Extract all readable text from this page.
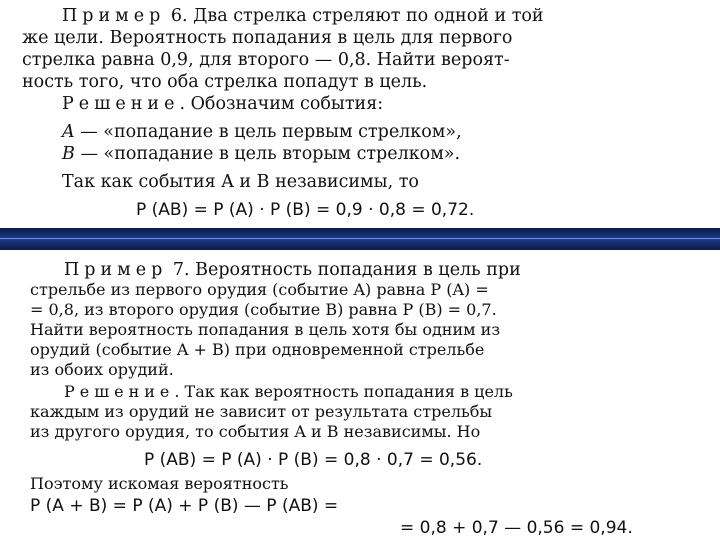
Пример 6. Два стрелка стреляют по одной и той
же цели. Вероятность попадания в цель для первого
стрелка равна 0,9, для второго — 0,8. Найти вероят-
ность того, что оба стрелка попадут в цель.
Решение. Обозначим события:
A — «попадание в цель первым стрелком»,
B — «попадание в цель вторым стрелком».
Так как события A и B независимы, то
P (AB) = P (A) · P (B) = 0,9 · 0,8 = 0,72.
Пример 7. Вероятность попадания в цель при
стрельбе из первого орудия (событие A) равна P (A) =
= 0,8, из второго орудия (событие B) равна P (B) = 0,7.
Найти вероятность попадания в цель хотя бы одним из
орудий (событие A + B) при одновременной стрельбе
из обоих орудий.
Решение. Так как вероятность попадания в цель
каждым из орудий не зависит от результата стрельбы
из другого орудия, то события A и B независимы. Но
P (AB) = P (A) · P (B) = 0,8 · 0,7 = 0,56.
Поэтому искомая вероятность
P (A + B) = P (A) + P (B) — P (AB) =
= 0,8 + 0,7 — 0,56 = 0,94.
